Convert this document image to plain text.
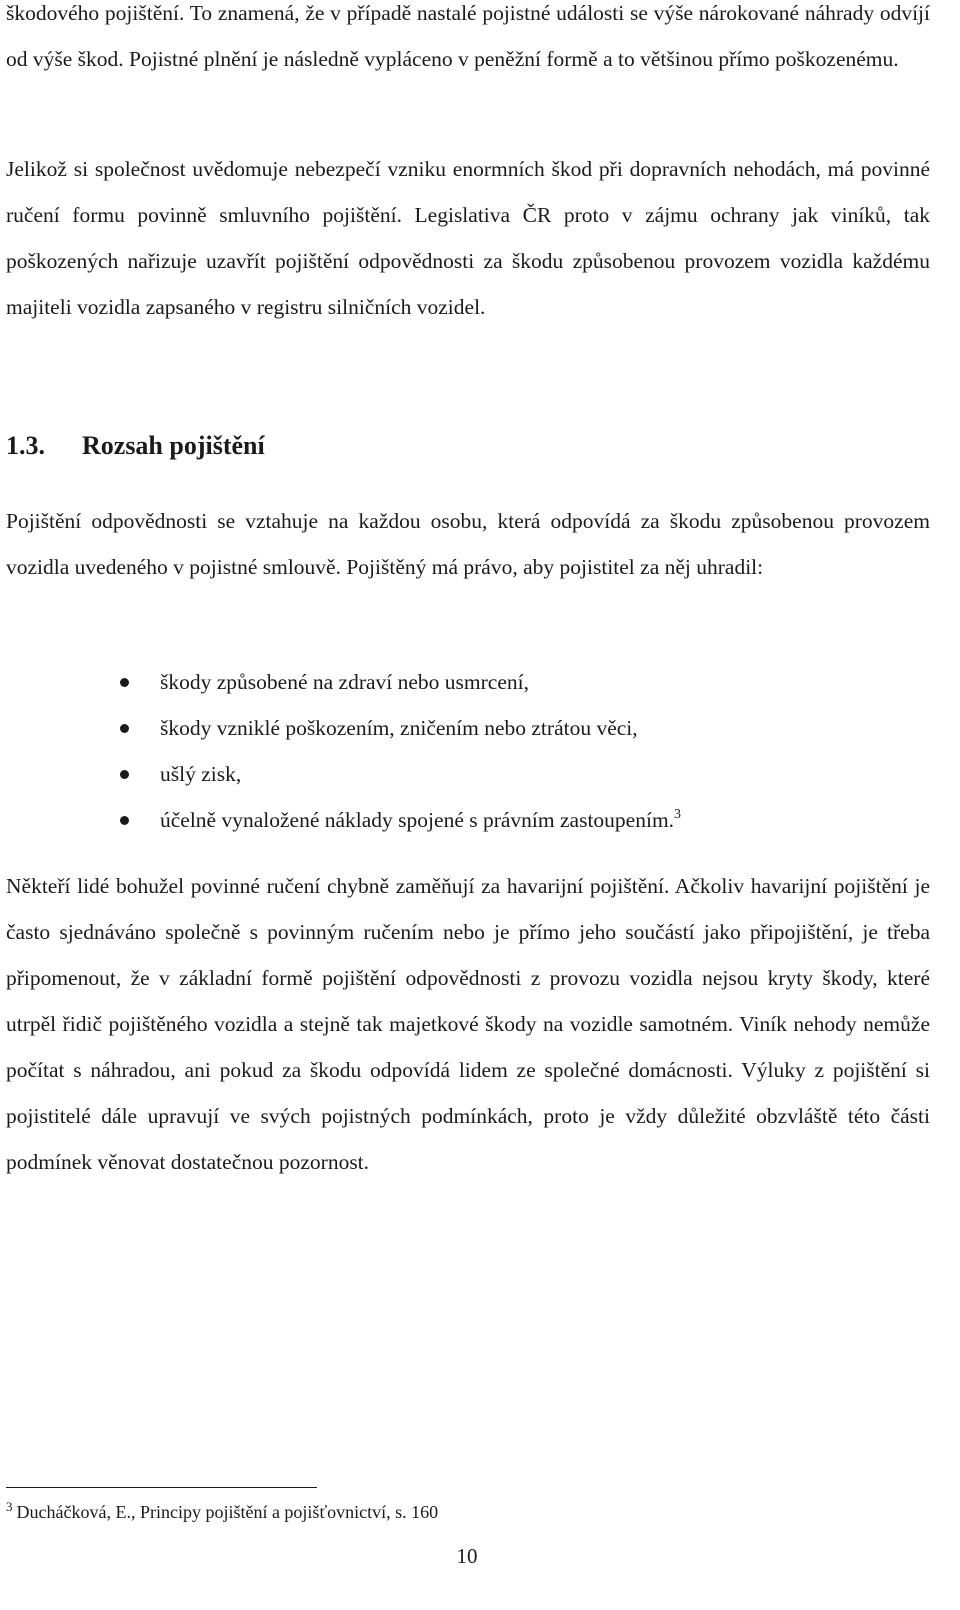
škodového pojištění. To znamená, že v případě nastalé pojistné události se výše nárokované náhrady odvíjí od výše škod. Pojistné plnění je následně vypláceno v peněžní formě a to většinou přímo poškozenému.

Jelikož si společnost uvědomuje nebezpečí vzniku enormních škod při dopravních nehodách, má povinné ručení formu povinně smluvního pojištění. Legislativa ČR proto v zájmu ochrany jak viníků, tak poškozených nařizuje uzavřít pojištění odpovědnosti za škodu způsobenou provozem vozidla každému majiteli vozidla zapsaného v registru silničních vozidel.

1.3. Rozsah pojištění

Pojištění odpovědnosti se vztahuje na každou osobu, která odpovídá za škodu způsobenou provozem vozidla uvedeného v pojistné smlouvě. Pojištěný má právo, aby pojistitel za něj uhradil:

škody způsobené na zdraví nebo usmrcení,
škody vzniklé poškozením, zničením nebo ztrátou věci,
ušlý zisk,
účelně vynaložené náklady spojené s právním zastoupením.$^3$

Někteří lidé bohužel povinné ručení chybně zaměňují za havarijní pojištění. Ačkoliv havarijní pojištění je často sjednáváno společně s povinným ručením nebo je přímo jeho součástí jako připojištění, je třeba připomenout, že v základní formě pojištění odpovědnosti z provozu vozidla nejsou kryty škody, které utrpěl řidič pojištěného vozidla a stejně tak majetkové škody na vozidle samotném. Viník nehody nemůže počítat s náhradou, ani pokud za škodu odpovídá lidem ze společné domácnosti. Výluky z pojištění si pojistitelé dále upravují ve svých pojistných podmínkách, proto je vždy důležité obzvláště této části podmínek věnovat dostatečnou pozornost.

$^3$ Ducháčková, E., Principy pojištění a pojišťovnictví, s. 160

10
